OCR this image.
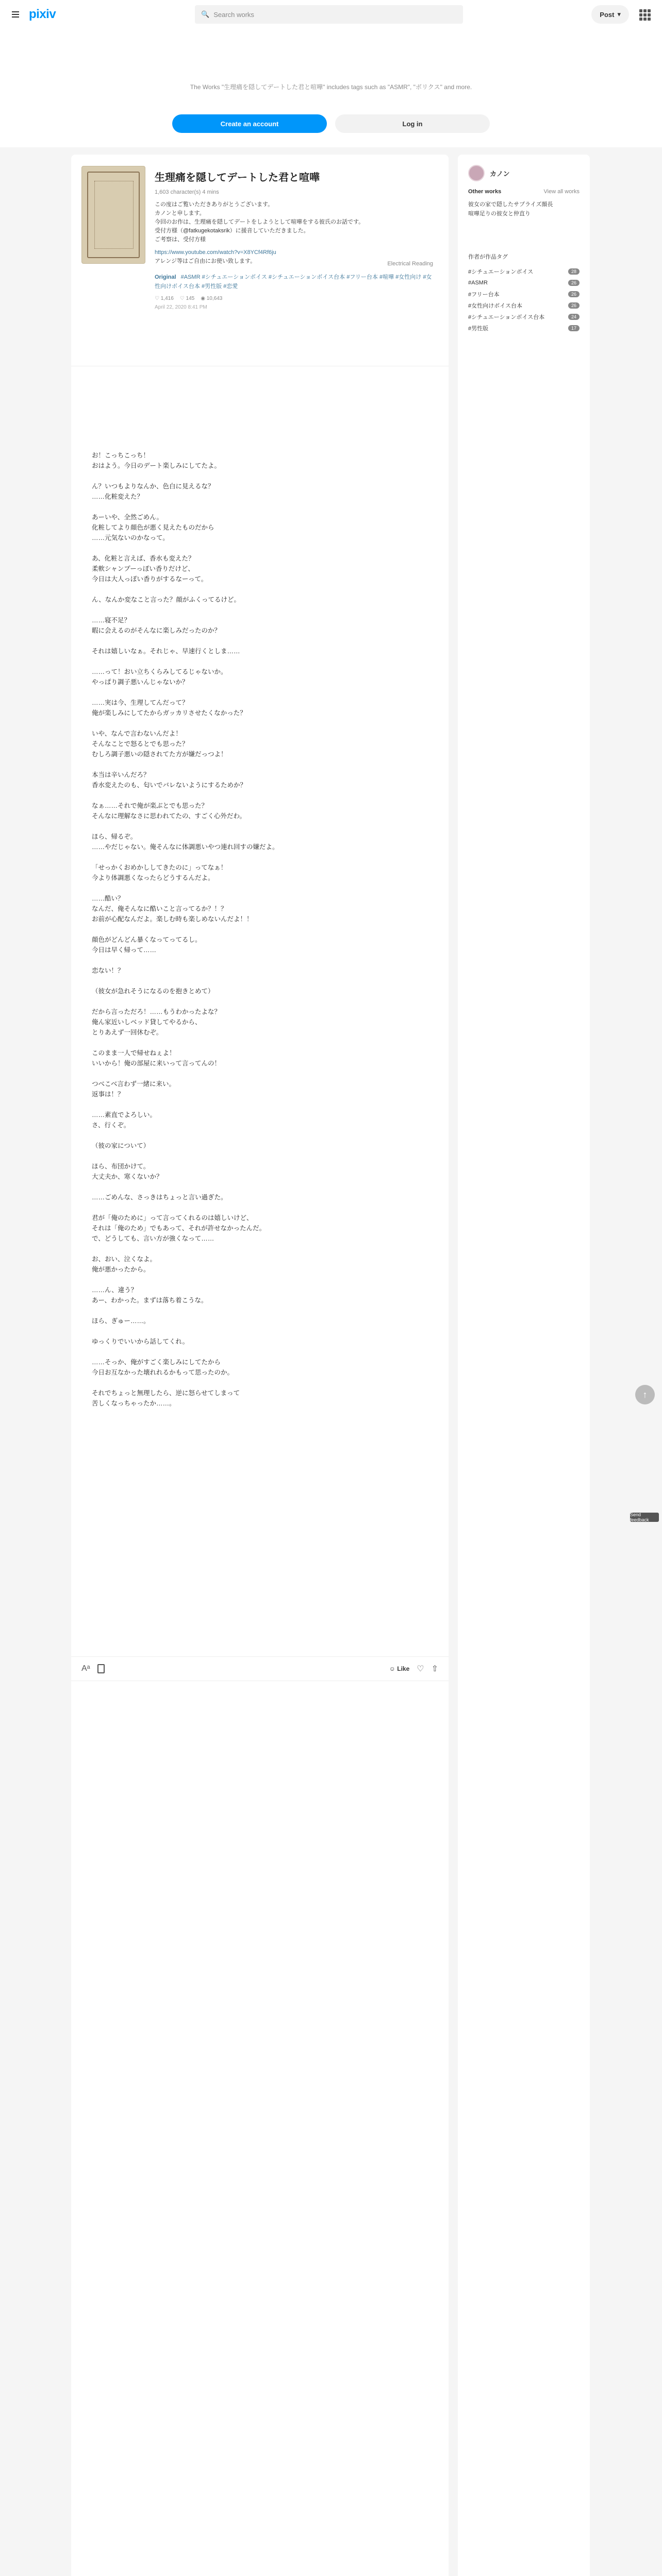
pixiv	🔍 Search works	Post ▾
The Works "生理痛を隠してデートした君と喧嘩" includes tags such as "ASMR", "ボリクス" and more.
Create an account	Log in
生理痛を隠してデートした君と喧嘩
1,603 character(s) 4 mins

この度はご覧いただきありがとうございます。

カノンと申します。

今回のお作は、生理痛を隠してデートをしようとして喧嘩をする彼氏のお話です。

受付方様（@fatkugekotaksrik）に援音していただきました。

ご考察は、受付方様

https://www.youtube.com/watch?v=X8YCf4Rf6ju

アレンジ等はご自由にお使い致します。	Electrical Reading
Original #ASMR #シチュエーションボイス #シチュエーションボイス台本 #フリー台本 #喧嘩 #女性向け #女性向けボイス台本 #男性版 #恋愛
♡ 1,416 ♡ 145 ◉ 10,643
April 22, 2020 8:41 PM

お！こっちこっち！
おはよう。今日のデート楽しみにしてたよ。

ん？いつもよりなんか、色白に見えるな？
……化粧変えた？

あーいや、全然ごめん。
化粧してより顔色が悪く見えたものだから
……元気ないのかなって。

あ、化粧と言えば、香水も変えた？
柔軟シャンプーっぽい香りだけど、
今日は大人っぽい香りがするなーって。

ん、なんか変なこと言った？顔がふくってるけど。

……寝不足？
暇に会えるのがそんなに楽しみだったのか？

それは嬉しいなぁ。それじゃ、早速行くとしま……

……って！おい立ちくらみしてるじゃないか。
やっぱり調子悪いんじゃないか？

……実は今、生理してんだって？
俺が楽しみにしてたからガッカリさせたくなかった？

いや、なんで言わないんだよ！
そんなことで怒るとでも思った？
むしろ調子悪いの隠されてた方が嫌だっつよ！

本当は辛いんだろ？
香水変えたのも、匂いでバレないようにするためか？

なぁ……それで俺が楽ぶとでも思った？
そんなに理解なさに思われてたの、すごく心外だわ。

ほら、帰るぞ。
……やだじゃない。俺そんなに体調悪いやつ連れ回すの嫌だよ。

「せっかくおめかししてきたのに」ってなぁ！
今より体調悪くなったらどうするんだよ。

……酷い？
なんだ、俺そんなに酷いこと言ってるか？！？
お前が心配なんだよ。楽しむ時も楽しめないんだよ！！

顔色がどんどん暴くなってってるし。
今日は早く帰って……

恋ない！？

（彼女が急れそうになるのを抱きとめて）

だから言っただろ！……もうわかったよな？
俺ん家近いしベッド貸してやるから、
とりあえず一回休むぞ。

このまま一人で帰せねぇよ！
いいから！俺の部屋に来いって言ってんの！

つべこべ言わず一緒に来い。
返事は！？

……素直でよろしい。
さ、行くぞ。

（彼の家について）

ほら、布団かけて。
大丈夫か、寒くないか？

……ごめんな、さっきはちょっと言い過ぎた。

君が「俺のために」って言ってくれるのは嬉しいけど、
それは「俺のため」でもあって、それが許せなかったんだ。
で、どうしても、言い方が強くなって……

お、おい、泣くなよ。
俺が悪かったから。

……ん、違う？
あー、わかった。まずは落ち着こうな。

ほら、ぎゅー……。

ゆっくりでいいから話してくれ。

……そっか、俺がすごく楽しみにしてたから
今日お互なかった壊れれるかもって思ったのか。

それでちょっと無理したら、逆に怒らせてしまって
苦しくなっちゃったか……。

Aᵃ	☺ Like ♡ ⇧
カノン
Other works	View all works
彼女の家で隠したサプライズ顔長
喧嘩足りの彼女と仲直り
作者が作品タグ
#シチュエーションボイス	28
#ASMR	26
#フリー台本	26
#女性向けボイス台本	26
#シチュエーションボイス台本	24
#男性版	17
↑
Send feedback
